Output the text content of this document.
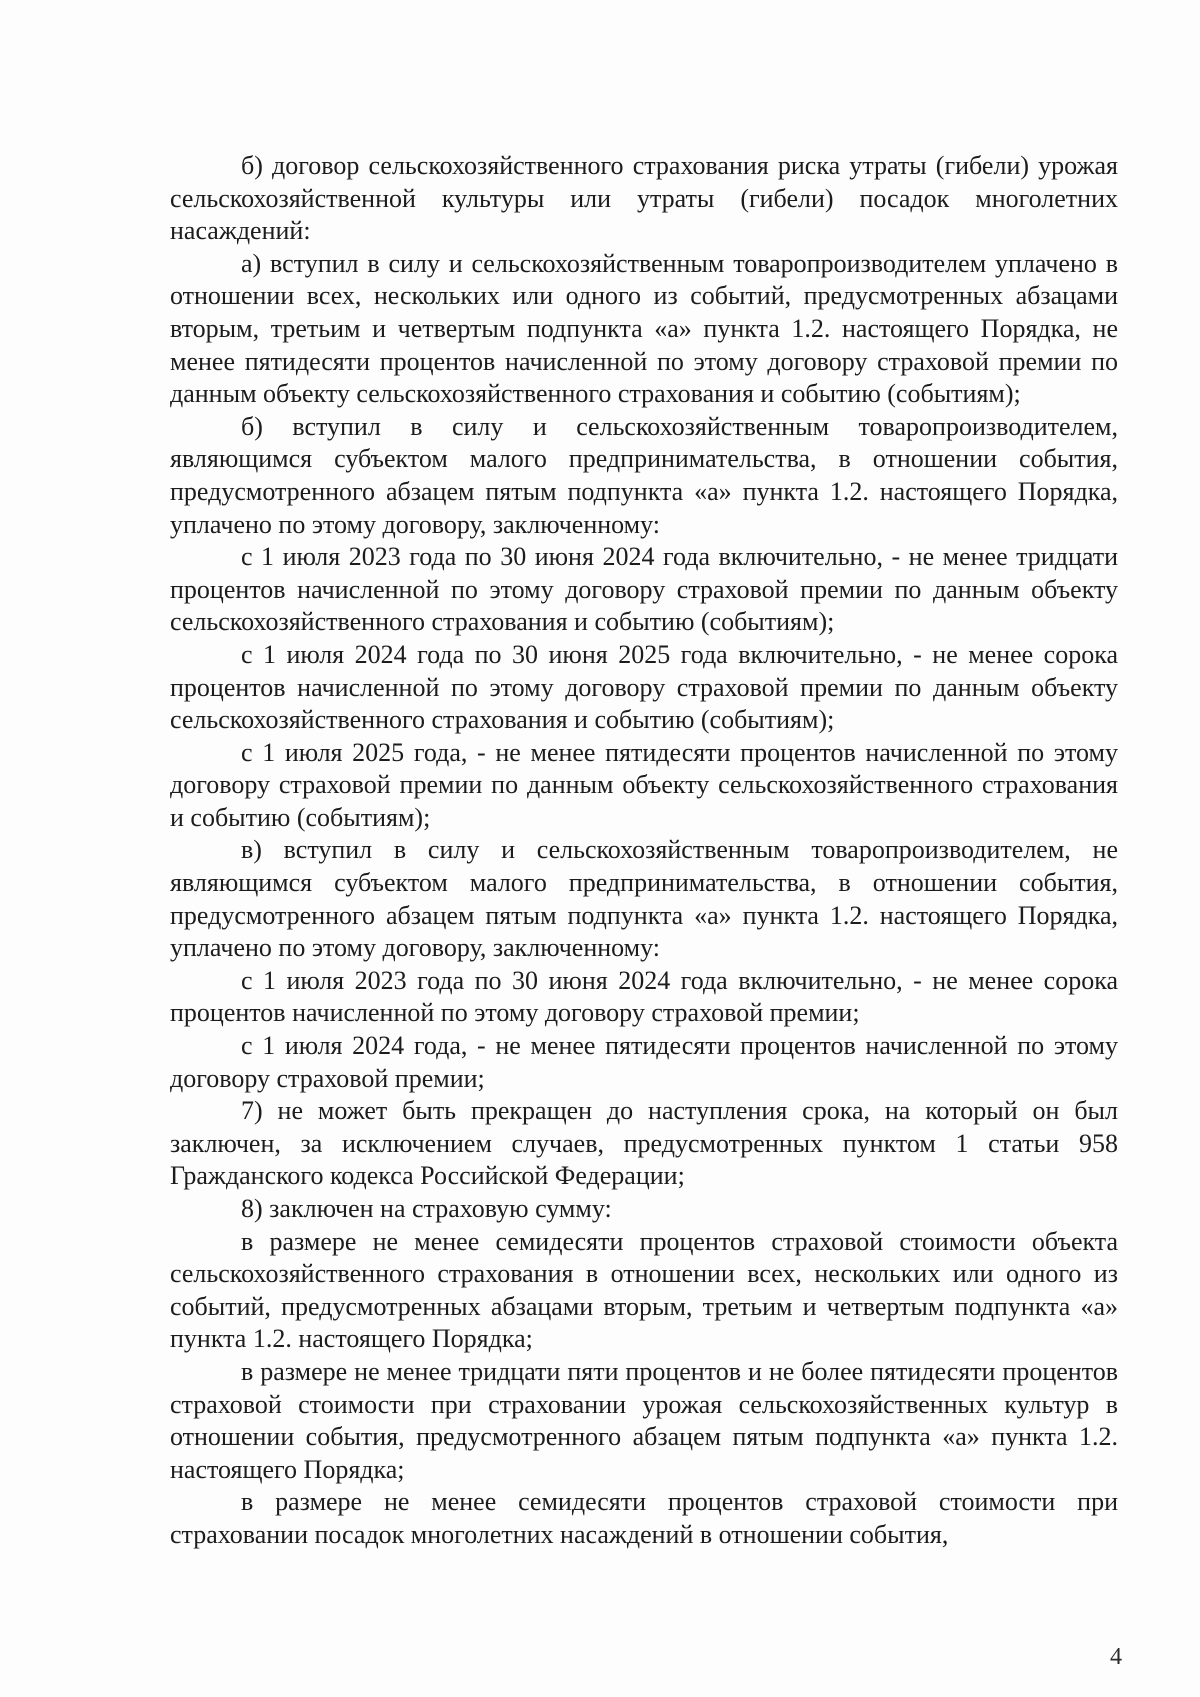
б) договор сельскохозяйственного страхования риска утраты (гибели) урожая сельскохозяйственной культуры или утраты (гибели) посадок многолетних насаждений:

а) вступил в силу и сельскохозяйственным товаропроизводителем уплачено в отношении всех, нескольких или одного из событий, предусмотренных абзацами вторым, третьим и четвертым подпункта «а» пункта 1.2. настоящего Порядка, не менее пятидесяти процентов начисленной по этому договору страховой премии по данным объекту сельскохозяйственного страхования и событию (событиям);

б) вступил в силу и сельскохозяйственным товаропроизводителем, являющимся субъектом малого предпринимательства, в отношении события, предусмотренного абзацем пятым подпункта «а» пункта 1.2. настоящего Порядка, уплачено по этому договору, заключенному:

с 1 июля 2023 года по 30 июня 2024 года включительно, - не менее тридцати процентов начисленной по этому договору страховой премии по данным объекту сельскохозяйственного страхования и событию (событиям);

с 1 июля 2024 года по 30 июня 2025 года включительно, - не менее сорока процентов начисленной по этому договору страховой премии по данным объекту сельскохозяйственного страхования и событию (событиям);

с 1 июля 2025 года, - не менее пятидесяти процентов начисленной по этому договору страховой премии по данным объекту сельскохозяйственного страхования и событию (событиям);

в) вступил в силу и сельскохозяйственным товаропроизводителем, не являющимся субъектом малого предпринимательства, в отношении события, предусмотренного абзацем пятым подпункта «а» пункта 1.2. настоящего Порядка, уплачено по этому договору, заключенному:

с 1 июля 2023 года по 30 июня 2024 года включительно, - не менее сорока процентов начисленной по этому договору страховой премии;

с 1 июля 2024 года, - не менее пятидесяти процентов начисленной по этому договору страховой премии;

7) не может быть прекращен до наступления срока, на который он был заключен, за исключением случаев, предусмотренных пунктом 1 статьи 958 Гражданского кодекса Российской Федерации;

8) заключен на страховую сумму:

в размере не менее семидесяти процентов страховой стоимости объекта сельскохозяйственного страхования в отношении всех, нескольких или одного из событий, предусмотренных абзацами вторым, третьим и четвертым подпункта «а» пункта 1.2. настоящего Порядка;

в размере не менее тридцати пяти процентов и не более пятидесяти процентов страховой стоимости при страховании урожая сельскохозяйственных культур в отношении события, предусмотренного абзацем пятым подпункта «а» пункта 1.2. настоящего Порядка;

в размере не менее семидесяти процентов страховой стоимости при страховании посадок многолетних насаждений в отношении события,

4
